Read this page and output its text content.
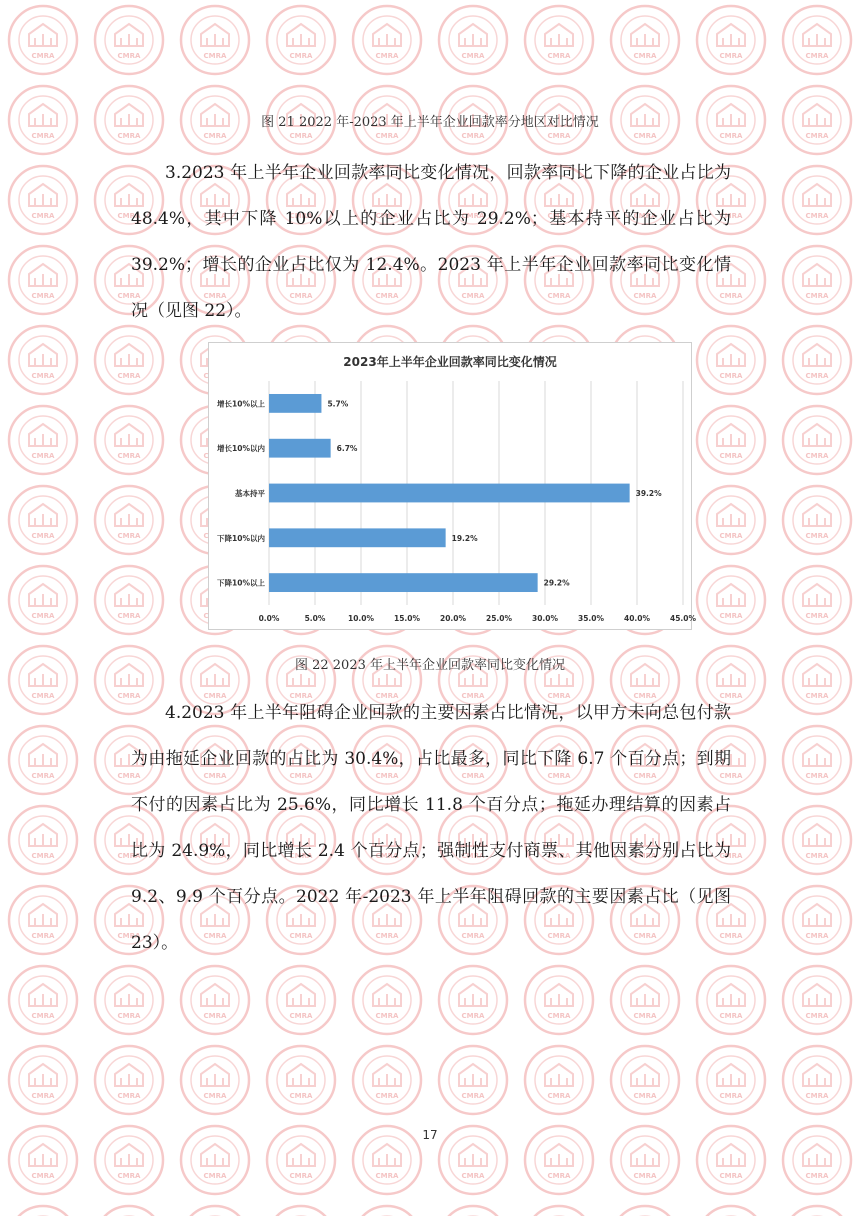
图 21 2022 年-2023 年上半年企业回款率分地区对比情况

3.2023 年上半年企业回款率同比变化情况，回款率同比下降的企业占比为 48.4%，其中下降 10%以上的企业占比为 29.2%；基本持平的企业占比为 39.2%；增长的企业占比仅为 12.4%。2023 年上半年企业回款率同比变化情况（见图 22）。

2023年上半年企业回款率同比变化情况
0.0%	5.0%	10.0%	15.0%	20.0%	25.0%	30.0%	35.0%	40.0%	45.0%
增长10%以上	5.7%
增长10%以内	6.7%
基本持平	39.2%
下降10%以内	19.2%
下降10%以上	29.2%
图 22 2023 年上半年企业回款率同比变化情况

4.2023 年上半年阻碍企业回款的主要因素占比情况，以甲方未向总包付款为由拖延企业回款的占比为 30.4%，占比最多，同比下降 6.7 个百分点；到期不付的因素占比为 25.6%，同比增长 11.8 个百分点；拖延办理结算的因素占比为 24.9%，同比增长 2.4 个百分点；强制性支付商票、其他因素分别占比为 9.2、9.9 个百分点。2022 年-2023 年上半年阻碍回款的主要因素占比（见图 23）。

17
